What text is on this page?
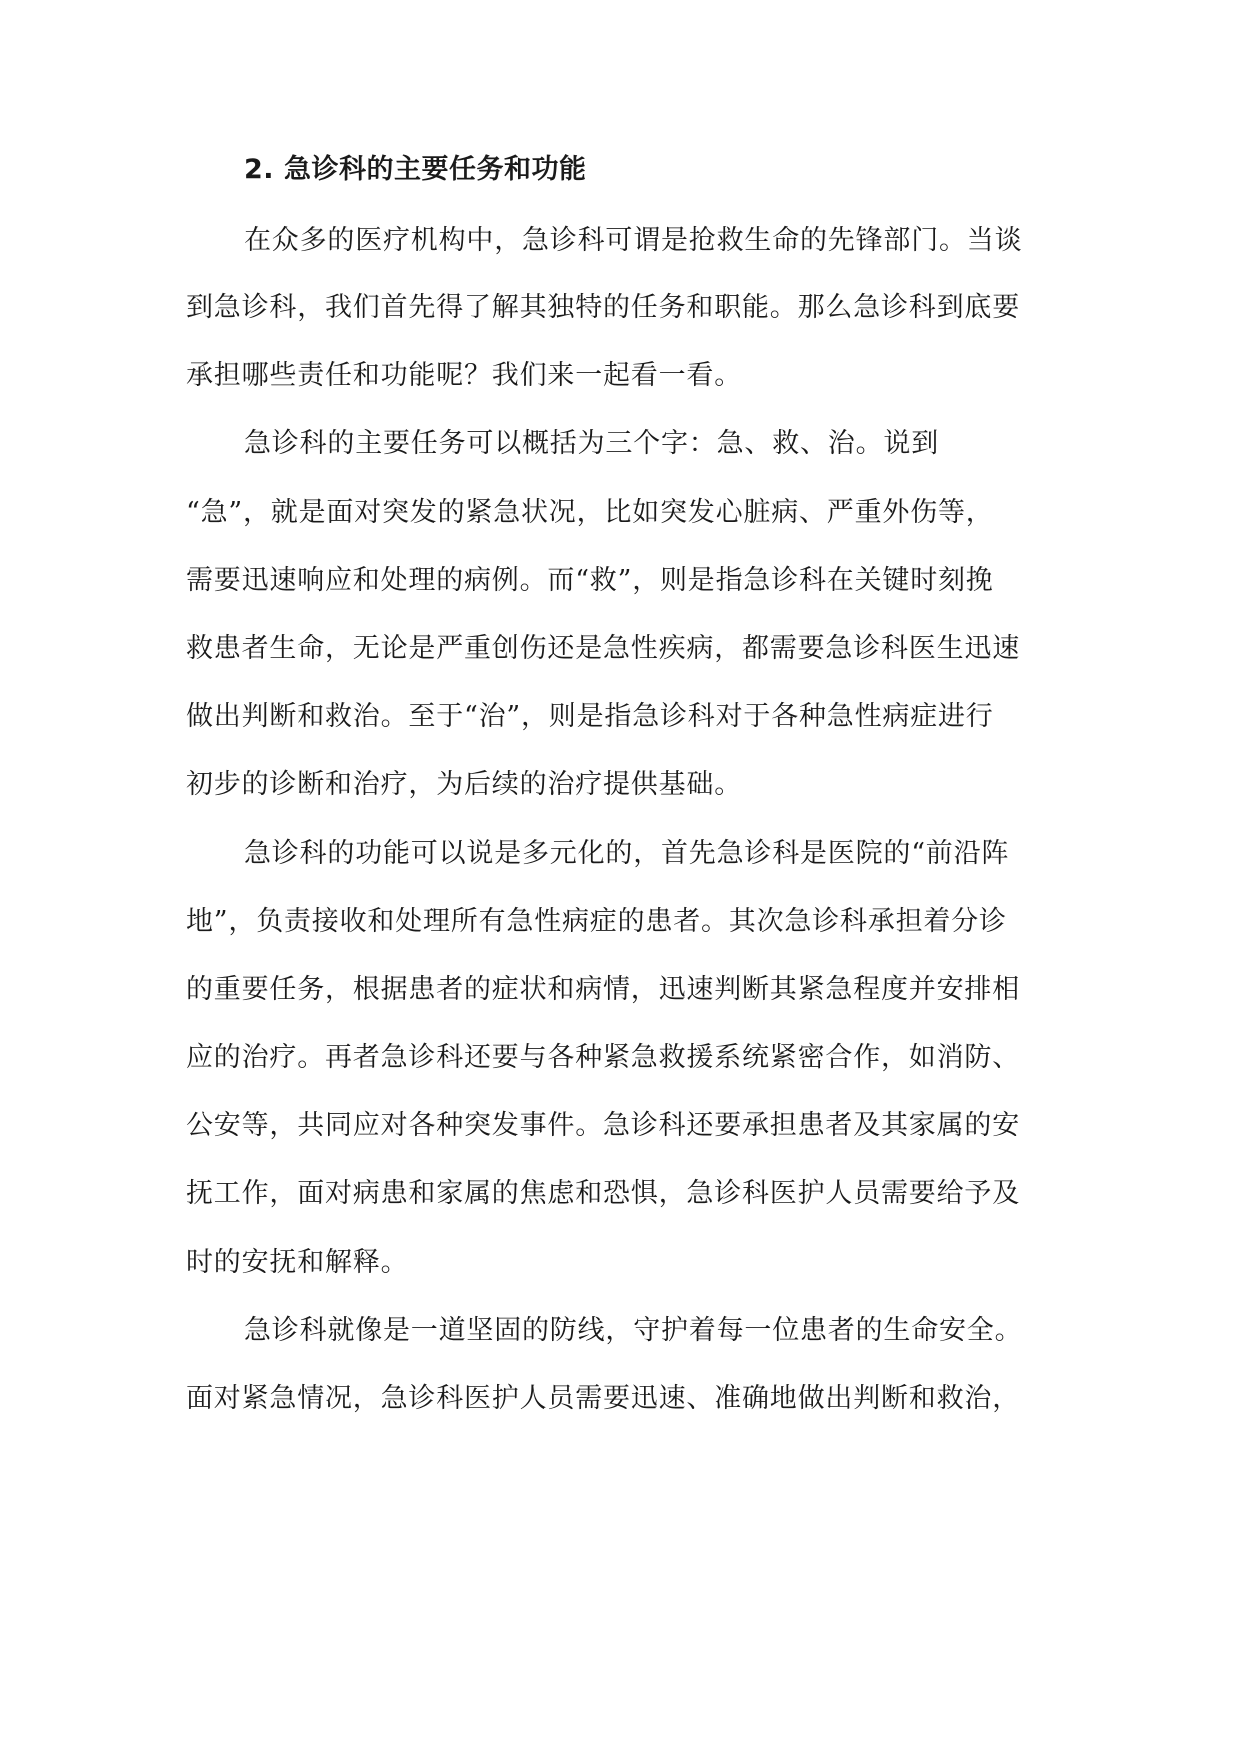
2. 急诊科的主要任务和功能
在众多的医疗机构中，急诊科可谓是抢救生命的先锋部门。当谈
到急诊科，我们首先得了解其独特的任务和职能。那么急诊科到底要
承担哪些责任和功能呢？我们来一起看一看。
急诊科的主要任务可以概括为三个字：急、救、治。说到
“急”，就是面对突发的紧急状况，比如突发心脏病、严重外伤等，
需要迅速响应和处理的病例。而“救”，则是指急诊科在关键时刻挽
救患者生命，无论是严重创伤还是急性疾病，都需要急诊科医生迅速
做出判断和救治。至于“治”，则是指急诊科对于各种急性病症进行
初步的诊断和治疗，为后续的治疗提供基础。
急诊科的功能可以说是多元化的，首先急诊科是医院的“前沿阵
地”，负责接收和处理所有急性病症的患者。其次急诊科承担着分诊
的重要任务，根据患者的症状和病情，迅速判断其紧急程度并安排相
应的治疗。再者急诊科还要与各种紧急救援系统紧密合作，如消防、
公安等，共同应对各种突发事件。急诊科还要承担患者及其家属的安
抚工作，面对病患和家属的焦虑和恐惧，急诊科医护人员需要给予及
时的安抚和解释。
急诊科就像是一道坚固的防线，守护着每一位患者的生命安全。
面对紧急情况，急诊科医护人员需要迅速、准确地做出判断和救治，
